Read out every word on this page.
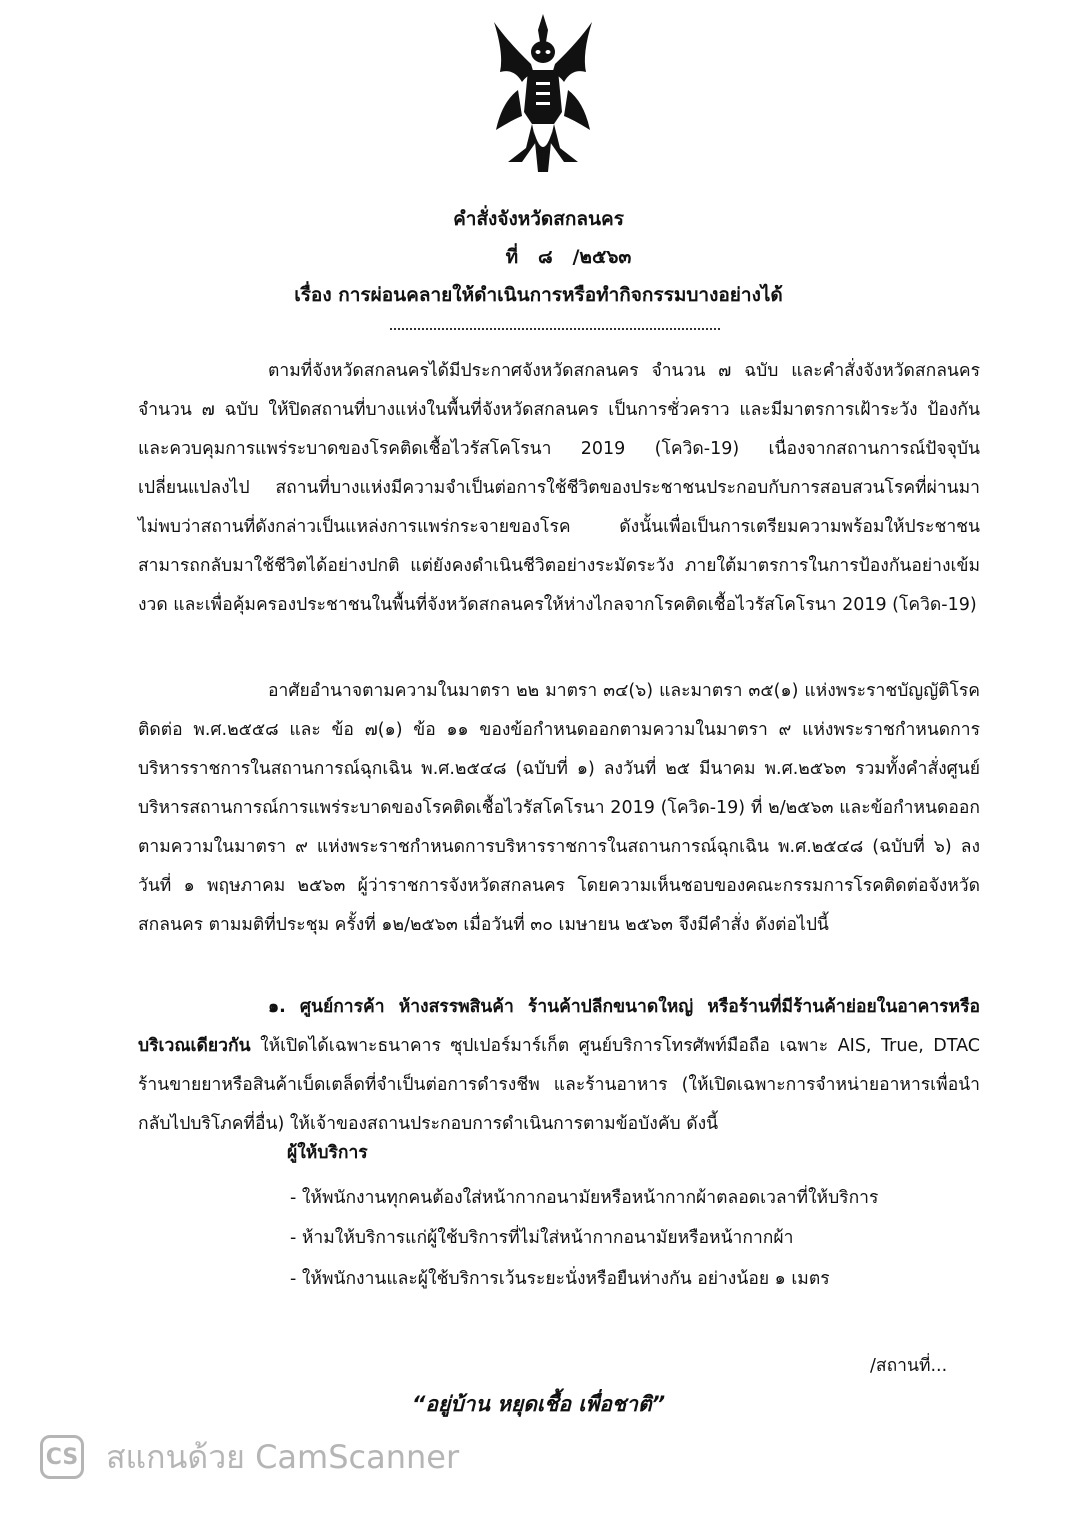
คำสั่งจังหวัดสกลนคร
ที่   ๘   /๒๕๖๓
เรื่อง การผ่อนคลายให้ดำเนินการหรือทำกิจกรรมบางอย่างได้
ตามที่จังหวัดสกลนครได้มีประกาศจังหวัดสกลนคร จำนวน ๗ ฉบับ และคำสั่งจังหวัดสกลนคร จำนวน ๗ ฉบับ ให้ปิดสถานที่บางแห่งในพื้นที่จังหวัดสกลนคร เป็นการชั่วคราว และมีมาตรการเฝ้าระวัง ป้องกัน และควบคุมการแพร่ระบาดของโรคติดเชื้อไวรัสโคโรนา 2019 (โควิด-19) เนื่องจากสถานการณ์ปัจจุบันเปลี่ยนแปลงไป สถานที่บางแห่งมีความจำเป็นต่อการใช้ชีวิตของประชาชนประกอบกับการสอบสวนโรคที่ผ่านมาไม่พบว่าสถานที่ดังกล่าวเป็นแหล่งการแพร่กระจายของโรค ดังนั้นเพื่อเป็นการเตรียมความพร้อมให้ประชาชนสามารถกลับมาใช้ชีวิตได้อย่างปกติ แต่ยังคงดำเนินชีวิตอย่างระมัดระวัง ภายใต้มาตรการในการป้องกันอย่างเข้มงวด และเพื่อคุ้มครองประชาชนในพื้นที่จังหวัดสกลนครให้ห่างไกลจากโรคติดเชื้อไวรัสโคโรนา 2019 (โควิด-19)
อาศัยอำนาจตามความในมาตรา ๒๒ มาตรา ๓๔(๖) และมาตรา ๓๕(๑) แห่งพระราชบัญญัติโรคติดต่อ พ.ศ.๒๕๕๘ และ ข้อ ๗(๑) ข้อ ๑๑ ของข้อกำหนดออกตามความในมาตรา ๙ แห่งพระราชกำหนดการบริหารราชการในสถานการณ์ฉุกเฉิน พ.ศ.๒๕๔๘ (ฉบับที่ ๑) ลงวันที่ ๒๕ มีนาคม พ.ศ.๒๕๖๓ รวมทั้งคำสั่งศูนย์บริหารสถานการณ์การแพร่ระบาดของโรคติดเชื้อไวรัสโคโรนา 2019 (โควิด-19) ที่ ๒/๒๕๖๓ และข้อกำหนดออกตามความในมาตรา ๙ แห่งพระราชกำหนดการบริหารราชการในสถานการณ์ฉุกเฉิน พ.ศ.๒๕๔๘ (ฉบับที่ ๖) ลงวันที่ ๑ พฤษภาคม ๒๕๖๓ ผู้ว่าราชการจังหวัดสกลนคร โดยความเห็นชอบของคณะกรรมการโรคติดต่อจังหวัดสกลนคร ตามมติที่ประชุม ครั้งที่ ๑๒/๒๕๖๓ เมื่อวันที่ ๓๐ เมษายน ๒๕๖๓ จึงมีคำสั่ง ดังต่อไปนี้
๑. ศูนย์การค้า ห้างสรรพสินค้า ร้านค้าปลีกขนาดใหญ่ หรือร้านที่มีร้านค้าย่อยในอาคารหรือบริเวณเดียวกัน ให้เปิดได้เฉพาะธนาคาร ซุปเปอร์มาร์เก็ต ศูนย์บริการโทรศัพท์มือถือ เฉพาะ AIS, True, DTAC ร้านขายยาหรือสินค้าเบ็ดเตล็ดที่จำเป็นต่อการดำรงชีพ และร้านอาหาร (ให้เปิดเฉพาะการจำหน่ายอาหารเพื่อนำกลับไปบริโภคที่อื่น) ให้เจ้าของสถานประกอบการดำเนินการตามข้อบังคับ ดังนี้
ผู้ให้บริการ
- ให้พนักงานทุกคนต้องใส่หน้ากากอนามัยหรือหน้ากากผ้าตลอดเวลาที่ให้บริการ
- ห้ามให้บริการแก่ผู้ใช้บริการที่ไม่ใส่หน้ากากอนามัยหรือหน้ากากผ้า
- ให้พนักงานและผู้ใช้บริการเว้นระยะนั่งหรือยืนห่างกัน อย่างน้อย ๑ เมตร
/สถานที่...
“อยู่บ้าน หยุดเชื้อ เพื่อชาติ”
CS สแกนด้วย CamScanner
